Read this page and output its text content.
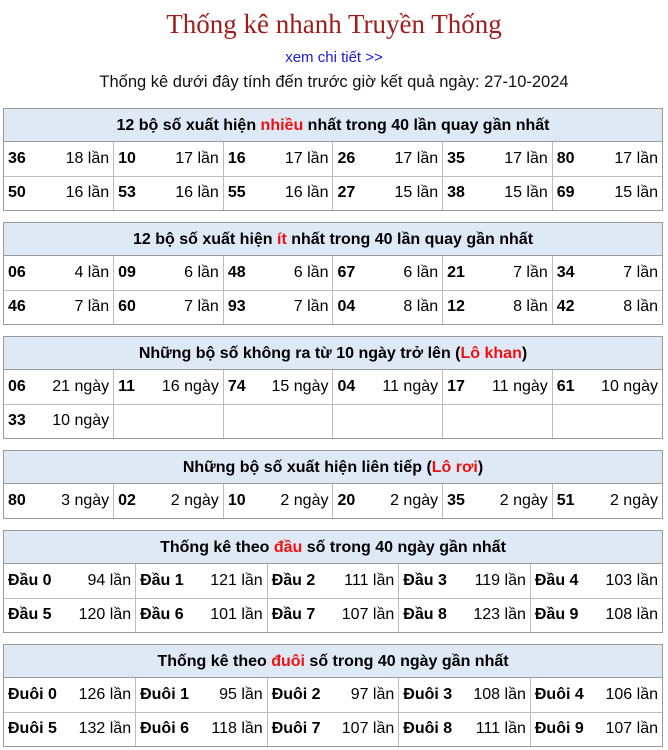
Thống kê nhanh Truyền Thống
xem chi tiết >>
Thống kê dưới đây tính đến trước giờ kết quả ngày: 27-10-2024
12 bộ số xuất hiện nhiều nhất trong 40 lần quay gần nhất
36 18 lần	10 17 lần	16 17 lần	26 17 lần	35 17 lần	80 17 lần

50 16 lần	53 16 lần	55 16 lần	27 15 lần	38 15 lần	69 15 lần
12 bộ số xuất hiện ít nhất trong 40 lần quay gần nhất
06 4 lần	09 6 lần	48 6 lần	67 6 lần	21 7 lần	34 7 lần

46 7 lần	60 7 lần	93 7 lần	04 8 lần	12 8 lần	42 8 lần
Những bộ số không ra từ 10 ngày trở lên (Lô khan)
06 21 ngày	11 16 ngày	74 15 ngày	04 11 ngày	17 11 ngày	61 10 ngày

33 10 ngày					

Những bộ số xuất hiện liên tiếp (Lô rơi)
80 3 ngày	02 2 ngày	10 2 ngày	20 2 ngày	35 2 ngày	51 2 ngày
Thống kê theo đầu số trong 40 ngày gần nhất
Đầu 0 94 lần	Đầu 1 121 lần	Đầu 2 111 lần	Đầu 3 119 lần	Đầu 4 103 lần

Đầu 5 120 lần	Đầu 6 101 lần	Đầu 7 107 lần	Đầu 8 123 lần	Đầu 9 108 lần
Thống kê theo đuôi số trong 40 ngày gần nhất
Đuôi 0 126 lần	Đuôi 1 95 lần	Đuôi 2 97 lần	Đuôi 3 108 lần	Đuôi 4 106 lần

Đuôi 5 132 lần	Đuôi 6 118 lần	Đuôi 7 107 lần	Đuôi 8 111 lần	Đuôi 9 107 lần
